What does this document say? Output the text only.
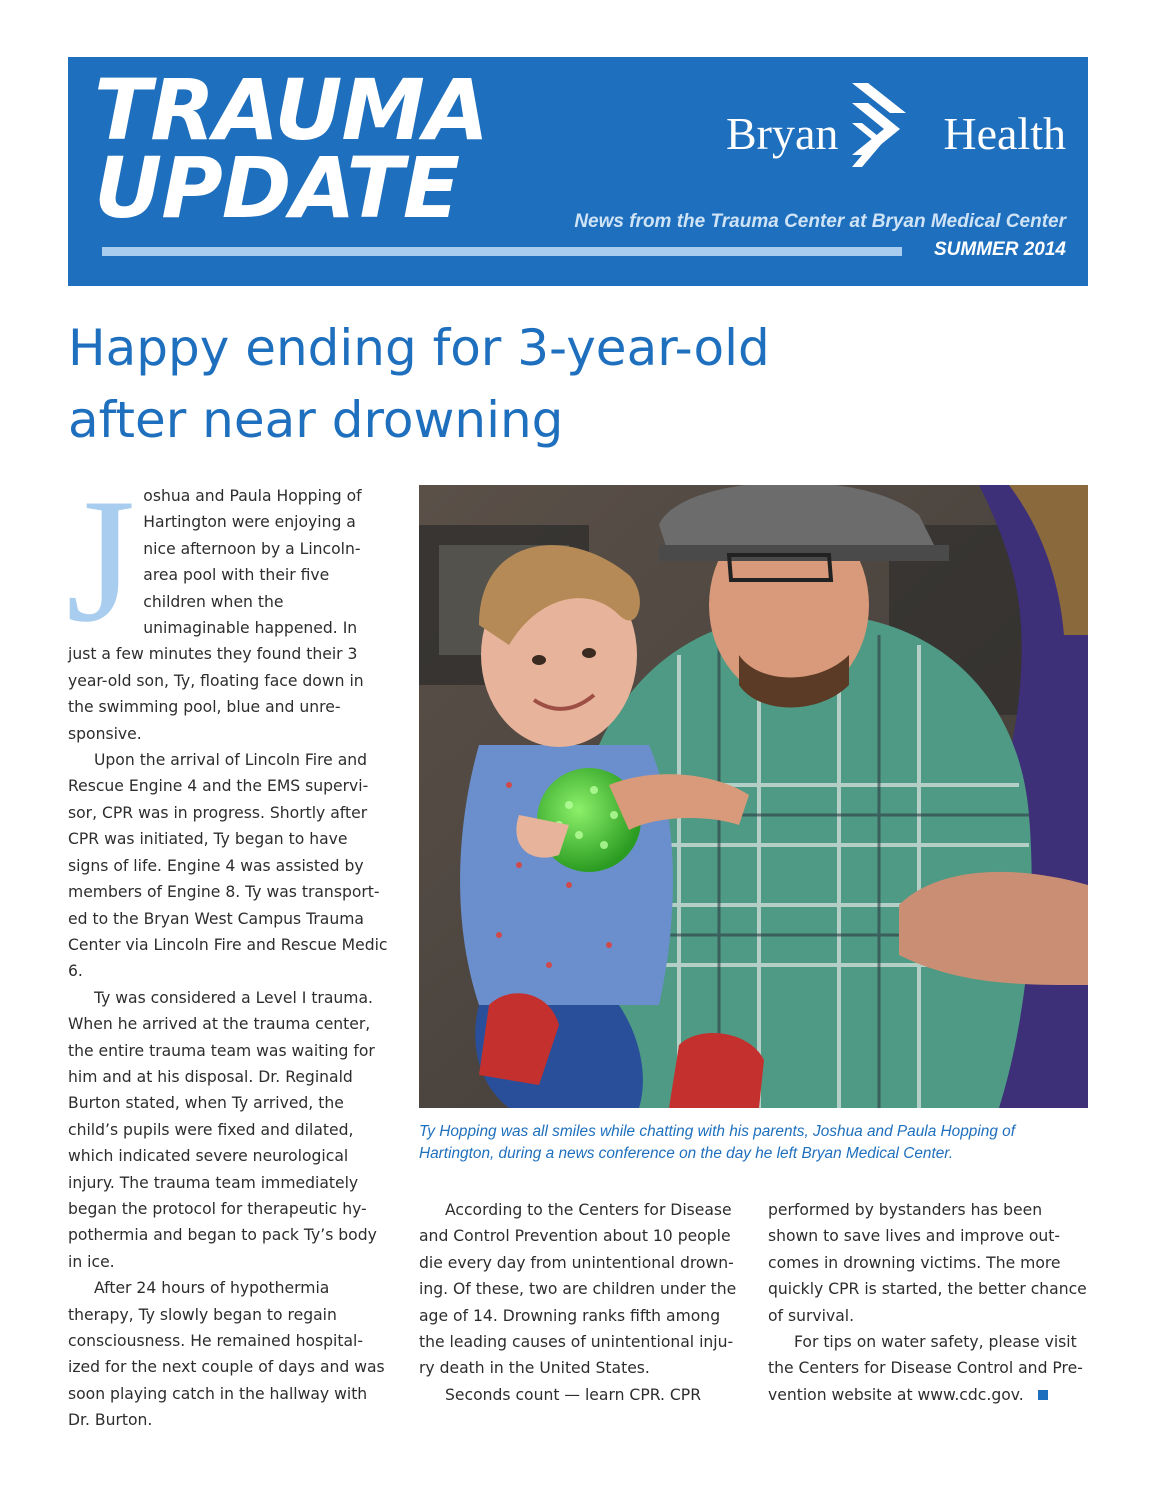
TRAUMA
UPDATE
Bryan Health
News from the Trauma Center at Bryan Medical Center
SUMMER 2014
Happy ending for 3-year-old
after near drowning
J oshua and Paula Hopping of Hartington were enjoying a nice afternoon by a Lincoln-area pool with their five children when the unimaginable happened. In just a few minutes they found their 3 year-old son, Ty, floating face down in the swimming pool, blue and unre-sponsive.

Upon the arrival of Lincoln Fire and Rescue Engine 4 and the EMS supervi-sor, CPR was in progress. Shortly after CPR was initiated, Ty began to have signs of life. Engine 4 was assisted by members of Engine 8. Ty was transport-ed to the Bryan West Campus Trauma Center via Lincoln Fire and Rescue Medic 6.

Ty was considered a Level I trauma. When he arrived at the trauma center, the entire trauma team was waiting for him and at his disposal. Dr. Reginald Burton stated, when Ty arrived, the child’s pupils were fixed and dilated, which indicated severe neurological injury. The trauma team immediately began the protocol for therapeutic hy-pothermia and began to pack Ty’s body in ice.

After 24 hours of hypothermia therapy, Ty slowly began to regain consciousness. He remained hospital-ized for the next couple of days and was soon playing catch in the hallway with Dr. Burton.

Ty Hopping was all smiles while chatting with his parents, Joshua and Paula Hopping of Hartington, during a news conference on the day he left Bryan Medical Center.

According to the Centers for Disease and Control Prevention about 10 people die every day from unintentional drown-ing. Of these, two are children under the age of 14. Drowning ranks fifth among the leading causes of unintentional inju-ry death in the United States.

Seconds count — learn CPR. CPR

performed by bystanders has been shown to save lives and improve out-comes in drowning victims. The more quickly CPR is started, the better chance of survival.

For tips on water safety, please visit the Centers for Disease Control and Pre-vention website at www.cdc.gov.
